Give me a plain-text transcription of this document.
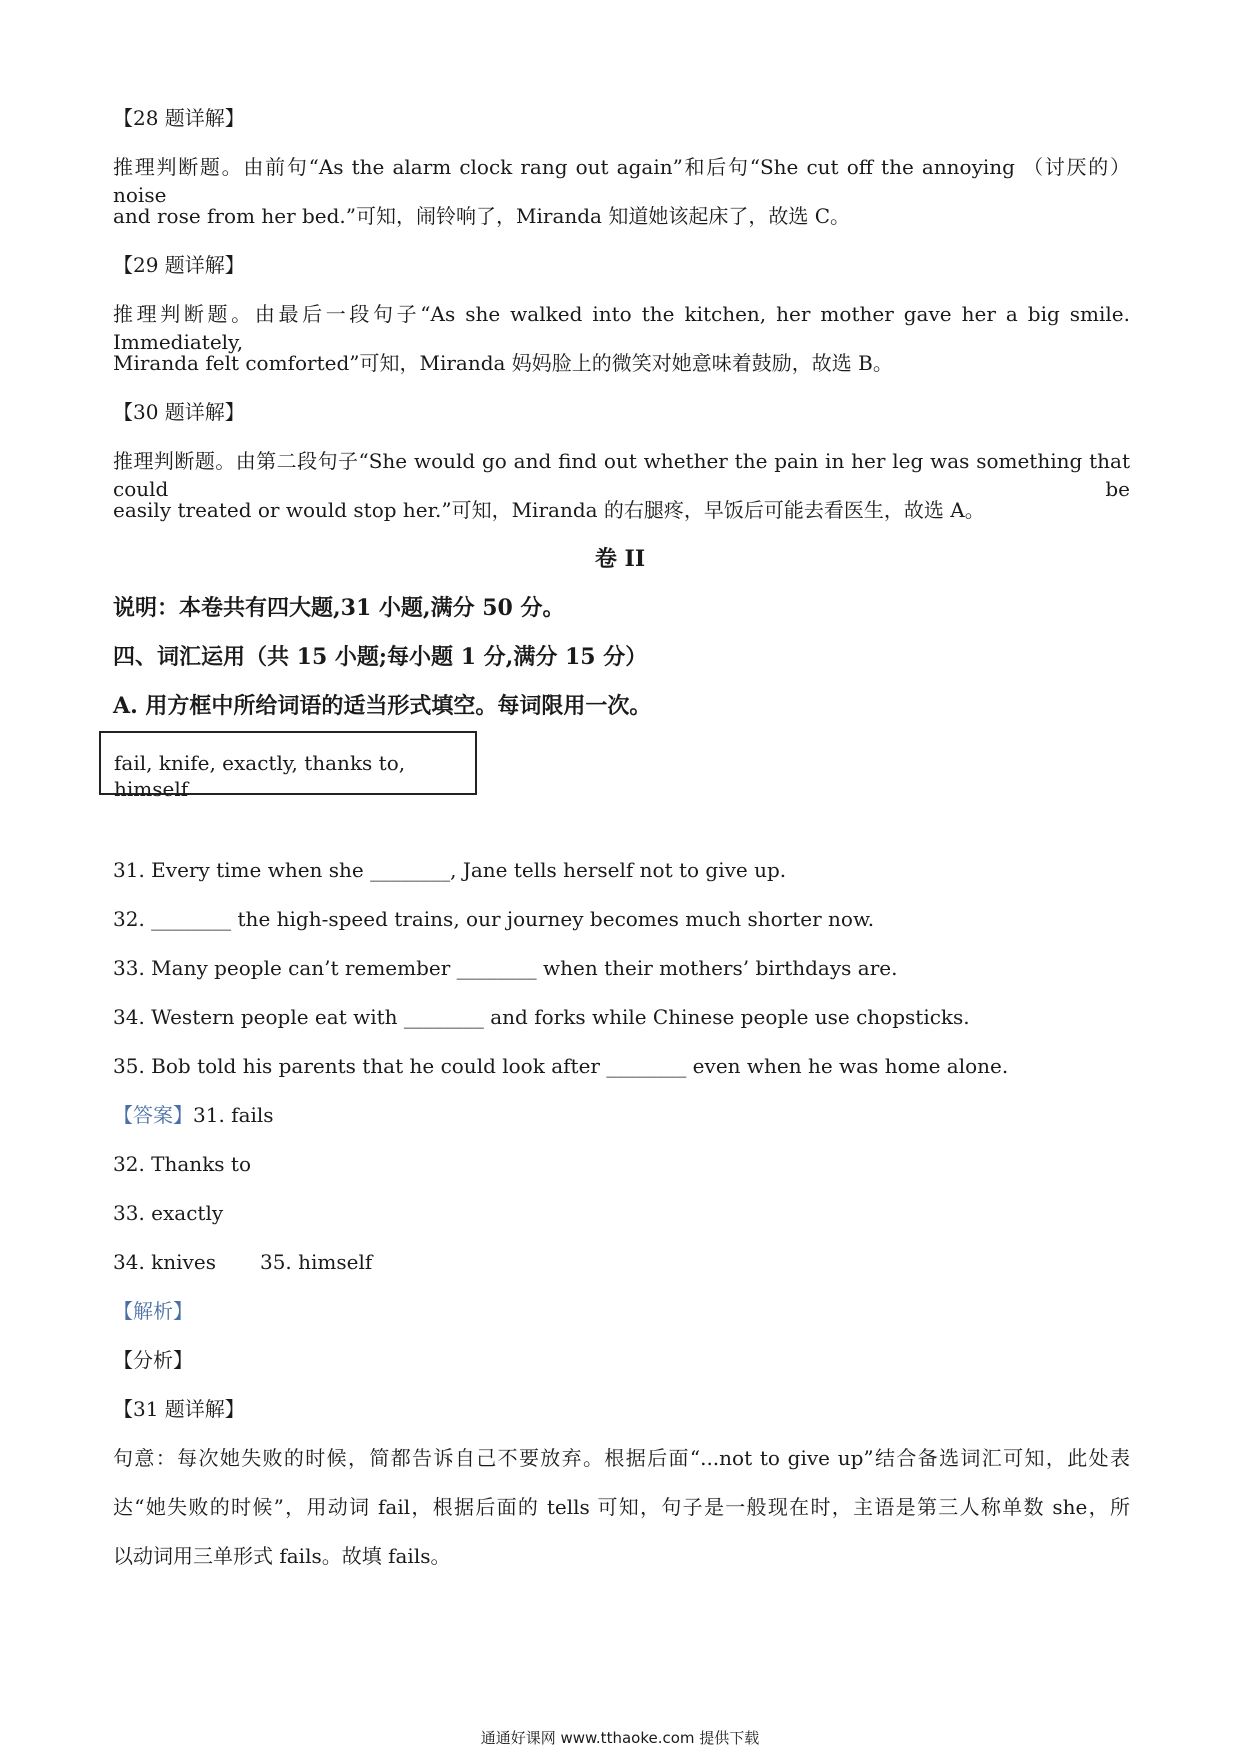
【28 题详解】
推理判断题。由前句“As the alarm clock rang out again”和后句“She cut off the annoying （讨厌的） noise
and rose from her bed.”可知，闹铃响了，Miranda 知道她该起床了，故选 C。
【29 题详解】
推理判断题。由最后一段句子“As she walked into the kitchen, her mother gave her a big smile. Immediately,
Miranda felt comforted”可知，Miranda 妈妈脸上的微笑对她意味着鼓励，故选 B。
【30 题详解】
推理判断题。由第二段句子“She would go and find out whether the pain in her leg was something that could be
easily treated or would stop her.”可知，Miranda 的右腿疼，早饭后可能去看医生，故选 A。
卷 II
说明：本卷共有四大题,31 小题,满分 50 分。
四、词汇运用（共 15 小题;每小题 1 分,满分 15 分）
A. 用方框中所给词语的适当形式填空。每词限用一次。
fail, knife, exactly, thanks to, himself
31. Every time when she ________, Jane tells herself not to give up.
32. ________ the high-speed trains, our journey becomes much shorter now.
33. Many people can’t remember ________ when their mothers’ birthdays are.
34. Western people eat with ________ and forks while Chinese people use chopsticks.
35. Bob told his parents that he could look after ________ even when he was home alone.
【答案】31. fails
32. Thanks to
33. exactly
34. knives 35. himself
【解析】
【分析】
【31 题详解】
句意：每次她失败的时候，简都告诉自己不要放弃。根据后面“...not to give up”结合备选词汇可知，此处表
达“她失败的时候”，用动词 fail，根据后面的 tells 可知，句子是一般现在时，主语是第三人称单数 she，所
以动词用三单形式 fails。故填 fails。
通通好课网 www.tthaoke.com 提供下载
